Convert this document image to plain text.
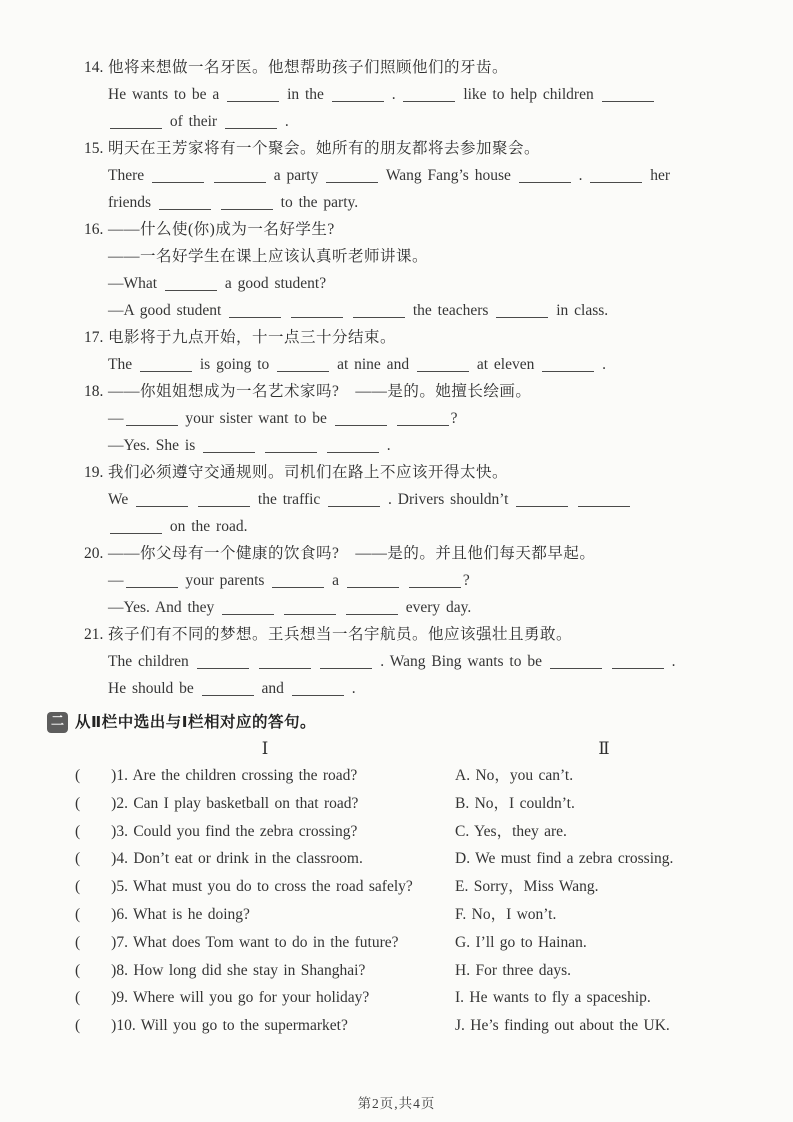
14. 他将来想做一名牙医。他想帮助孩子们照顾他们的牙齿。

He wants to be a	in the	.	like to help children

of their	.

15. 明天在王芳家将有一个聚会。她所有的朋友都将去参加聚会。

There	a party	Wang Fang’s house	.	her

friends	to the party.

16. ——什么使(你)成为一名好学生?

——一名好学生在课上应该认真听老师讲课。

—What	a good student?

—A good student	the teachers	in class.

17. 电影将于九点开始，十一点三十分结束。

The	is going to	at nine and	at eleven	.

18. ——你姐姐想成为一名艺术家吗?　——是的。她擅长绘画。

—	your sister want to be	?

—Yes. She is	.

19. 我们必须遵守交通规则。司机们在路上不应该开得太快。

We	the traffic	. Drivers shouldn’t

on the road.

20. ——你父母有一个健康的饮食吗?　——是的。并且他们每天都早起。

—	your parents	a	?

—Yes. And they	every day.

21. 孩子们有不同的梦想。王兵想当一名宇航员。他应该强壮且勇敢。

The children	. Wang Bing wants to be	.

He should be	and	.

二 从Ⅱ栏中选出与Ⅰ栏相对应的答句。
Ⅰ	Ⅱ
(　　)1. Are the children crossing the road?	A. No，you can’t.
(　　)2. Can I play basketball on that road?	B. No，I couldn’t.
(　　)3. Could you find the zebra crossing?	C. Yes，they are.
(　　)4. Don’t eat or drink in the classroom.	D. We must find a zebra crossing.
(　　)5. What must you do to cross the road safely?	E. Sorry，Miss Wang.
(　　)6. What is he doing?	F. No，I won’t.
(　　)7. What does Tom want to do in the future?	G. I’ll go to Hainan.
(　　)8. How long did she stay in Shanghai?	H. For three days.
(　　)9. Where will you go for your holiday?	I. He wants to fly a spaceship.
(　　)10. Will you go to the supermarket?	J. He’s finding out about the UK.
第2页,共4页
